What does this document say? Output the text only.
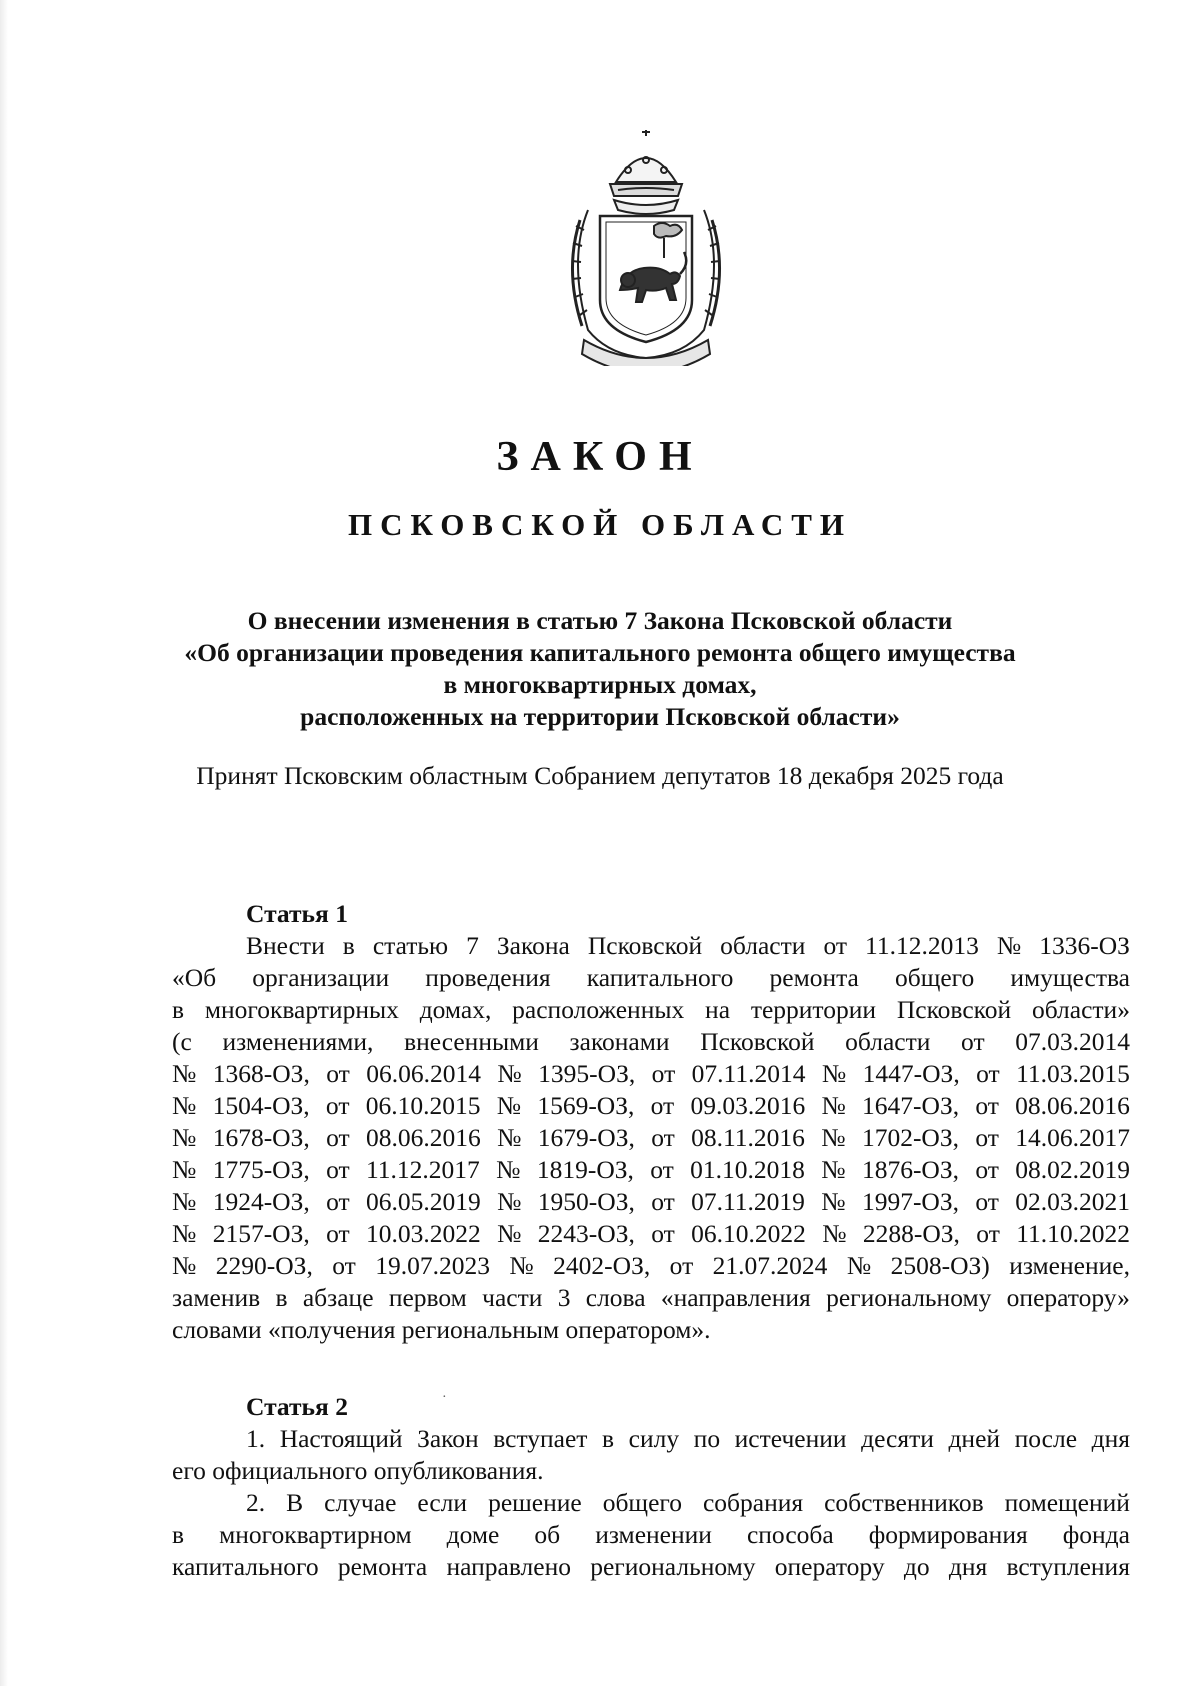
ЗАКОН
ПСКОВСКОЙ ОБЛАСТИ
О внесении изменения в статью 7 Закона Псковской области
«Об организации проведения капитального ремонта общего имущества
в многоквартирных домах,
расположенных на территории Псковской области»
Принят Псковским областным Собранием депутатов 18 декабря 2025 года
Статья 1
Внести в статью 7 Закона Псковской области от 11.12.2013 № 1336-ОЗ
«Об организации проведения капитального ремонта общего имущества
в многоквартирных домах, расположенных на территории Псковской области»
(с изменениями, внесенными законами Псковской области от 07.03.2014
№ 1368-ОЗ, от 06.06.2014 № 1395-ОЗ, от 07.11.2014 № 1447-ОЗ, от 11.03.2015
№ 1504-ОЗ, от 06.10.2015 № 1569-ОЗ, от 09.03.2016 № 1647-ОЗ, от 08.06.2016
№ 1678-ОЗ, от 08.06.2016 № 1679-ОЗ, от 08.11.2016 № 1702-ОЗ, от 14.06.2017
№ 1775-ОЗ, от 11.12.2017 № 1819-ОЗ, от 01.10.2018 № 1876-ОЗ, от 08.02.2019
№ 1924-ОЗ, от 06.05.2019 № 1950-ОЗ, от 07.11.2019 № 1997-ОЗ, от 02.03.2021
№ 2157-ОЗ, от 10.03.2022 № 2243-ОЗ, от 06.10.2022 № 2288-ОЗ, от 11.10.2022
№ 2290-ОЗ, от 19.07.2023 № 2402-ОЗ, от 21.07.2024 № 2508-ОЗ) изменение,
заменив в абзаце первом части 3 слова «направления региональному оператору»
словами «получения региональным оператором».
·
Статья 2
1. Настоящий Закон вступает в силу по истечении десяти дней после дня
его официального опубликования.
2. В случае если решение общего собрания собственников помещений
в многоквартирном доме об изменении способа формирования фонда
капитального ремонта направлено региональному оператору до дня вступления
